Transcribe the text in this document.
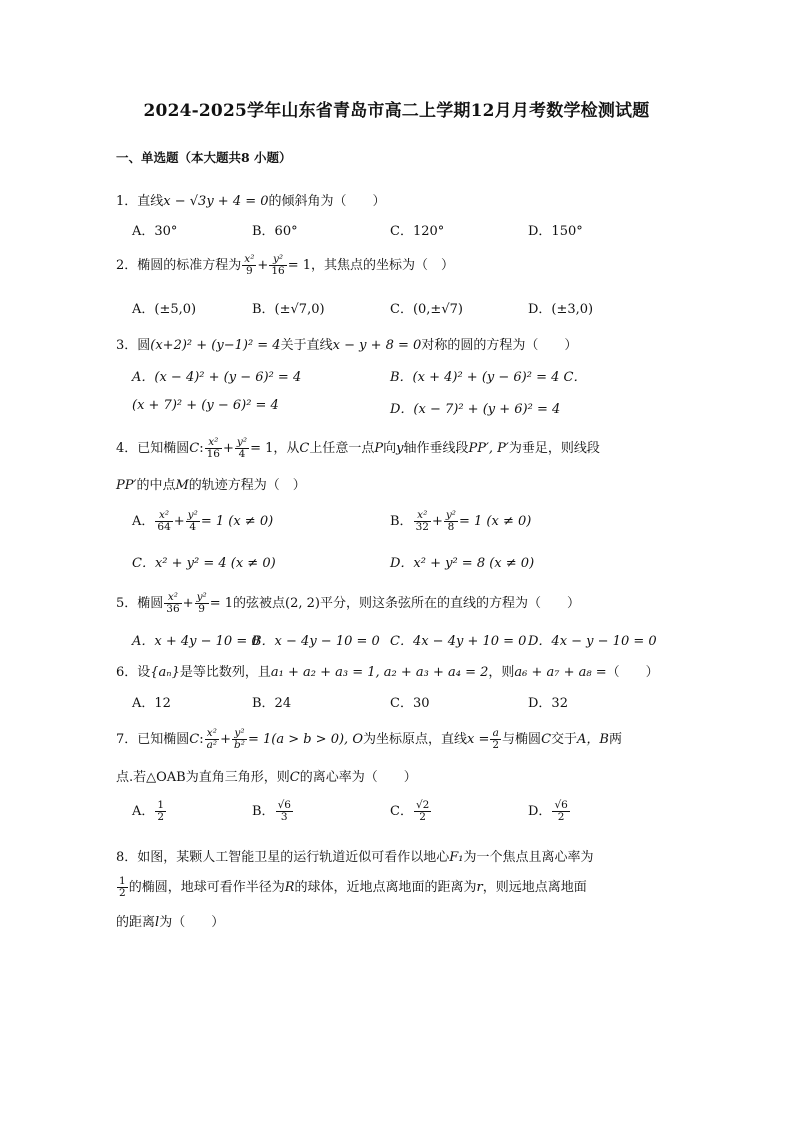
2024-2025学年山东省青岛市高二上学期12月月考数学检测试题
一、单选题（本大题共8 小题）
1．直线x − √3y + 4 = 0的倾斜角为（　　）
A．30°	B．60°	C．120°	D．150°
2．椭圆的标准方程为 $\frac{\text{x²}}{9} + \frac{\text{y²}}{16} = 1$，其焦点的坐标为（　）
A．(±5,0)	B．(±√7,0)	C．(0,±√7)	D．(±3,0)
3．圆(x+2)² + (y−1)² = 4关于直线x − y + 8 = 0对称的圆的方程为（　　）
A．(x − 4)² + (y − 6)² = 4	B．(x + 4)² + (y − 6)² = 4 C．
(x + 7)² + (y − 6)² = 4	D．(x − 7)² + (y + 6)² = 4
4．已知椭圆C: $\frac{\text{x²}}{16} + \frac{\text{y²}}{4} = 1$，从C上任意一点P向y轴作垂线段PP′, P′为垂足，则线段
PP′的中点M的轨迹方程为（　）
A． $\frac{\text{x²}}{64} + \frac{\text{y²}}{4} = 1$ (x ≠ 0)	B． $\frac{\text{x²}}{32} + \frac{\text{y²}}{8} = 1$ (x ≠ 0)
C．x² + y² = 4 (x ≠ 0)	D．x² + y² = 8 (x ≠ 0)
5．椭圆 $\frac{\text{x²}}{36} + \frac{\text{y²}}{9} = 1$的弦被点(2, 2)平分，则这条弦所在的直线的方程为（　　）
A．x + 4y − 10 = 0
B．x − 4y − 10 = 0 C．4x − 4y + 10 = 0 D．4x − y − 10 = 0
6．设{aₙ}是等比数列，且a₁ + a₂ + a₃ = 1, a₂ + a₃ + a₄ = 2，则a₆ + a₇ + a₈ =（　　）
A．12	B．24	C．30	D．32
7．已知椭圆C: $\frac{\text{x²}}{\text{a²}} + \frac{\text{y²}}{\text{b²}} = 1(a > b > 0)$, O为坐标原点，直线$x = \frac{a}{2}$ 与椭圆C交于A，B两
点.若△OAB为直角三角形，则C的离心率为（　　）
A． $\frac{1}{2}$	B． $\frac{√6}{3}$	C． $\frac{√2}{2}$	D． $\frac{√6}{2}$
8．如图，某颗人工智能卫星的运行轨道近似可看作以地心F₁为一个焦点且离心率为
$\frac{1}{2}$ 的椭圆，地球可看作半径为R的球体，近地点离地面的距离为r，则远地点离地面
的距离l为（　　）
